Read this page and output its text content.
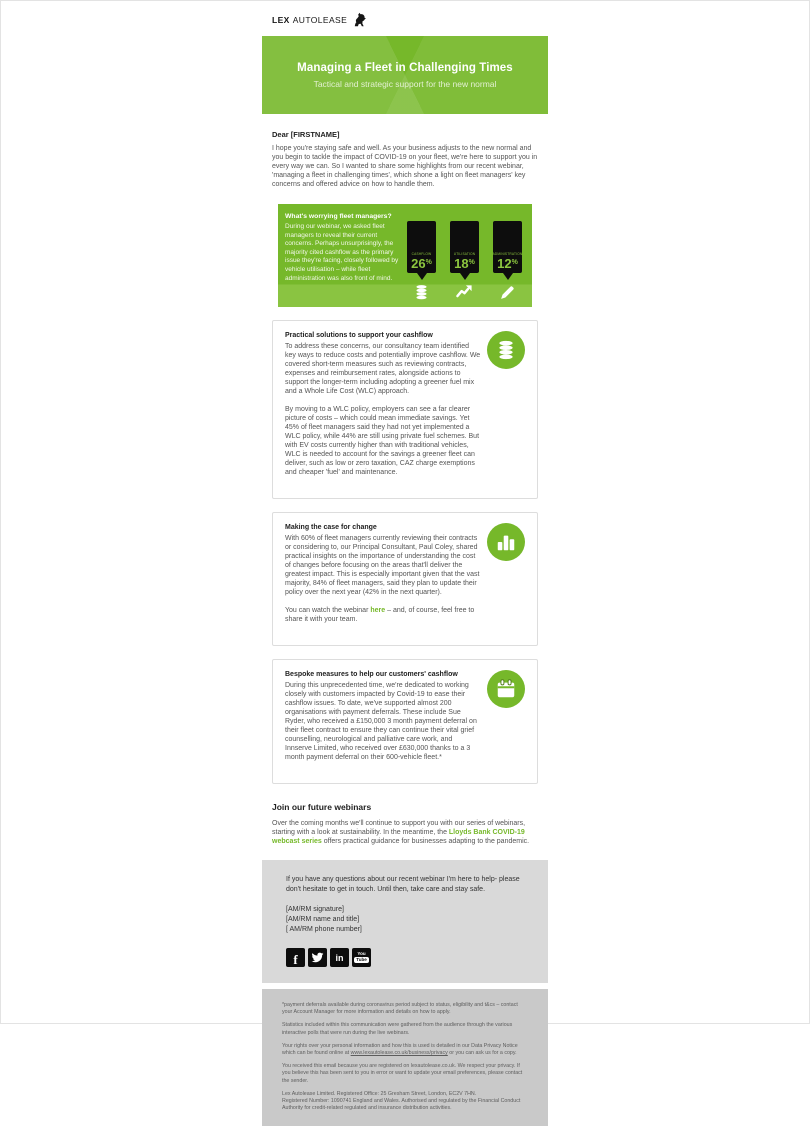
LEX AUTOLEASE
Managing a Fleet in Challenging Times
Tactical and strategic support for the new normal
Dear [FIRSTNAME]

I hope you're staying safe and well. As your business adjusts to the new normal and you begin to tackle the impact of COVID-19 on your fleet, we're here to support you in every way we can. So I wanted to share some highlights from our recent webinar, 'managing a fleet in challenging times', which shone a light on fleet managers' key concerns and offered advice on how to handle them.

What's worrying fleet managers?

During our webinar, we asked fleet managers to reveal their current concerns. Perhaps unsurprisingly, the majority cited cashflow as the primary issue they're facing, closely followed by vehicle utilisation – while fleet administration was also front of mind.

CASHFLOW
26%
UTILISATION
18%
ADMINISTRATION
12%
Practical solutions to support your cashflow

To address these concerns, our consultancy team identified key ways to reduce costs and potentially improve cashflow. We covered short-term measures such as reviewing contracts, expenses and reimbursement rates, alongside actions to support the longer-term including adopting a greener fuel mix and a Whole Life Cost (WLC) approach.

By moving to a WLC policy, employers can see a far clearer picture of costs – which could mean immediate savings. Yet 45% of fleet managers said they had not yet implemented a WLC policy, while 44% are still using private fuel schemes. But with EV costs currently higher than with traditional vehicles, WLC is needed to account for the savings a greener fleet can deliver, such as low or zero taxation, CAZ charge exemptions and cheaper 'fuel' and maintenance.

Making the case for change

With 60% of fleet managers currently reviewing their contracts or considering to, our Principal Consultant, Paul Coley, shared practical insights on the importance of understanding the cost of changes before focusing on the areas that'll deliver the greatest impact. This is especially important given that the vast majority, 84% of fleet managers, said they plan to update their policy over the next year (42% in the next quarter).

You can watch the webinar here – and, of course, feel free to share it with your team.

Bespoke measures to help our customers' cashflow

During this unprecedented time, we're dedicated to working closely with customers impacted by Covid-19 to ease their cashflow issues. To date, we've supported almost 200 organisations with payment deferrals. These include Sue Ryder, who received a £150,000 3 month payment deferral on their fleet contract to ensure they can continue their vital grief counselling, neurological and palliative care work, and Innserve Limited, who received over £630,000 thanks to a 3 month payment deferral on their 600-vehicle fleet.*

Join our future webinars

Over the coming months we'll continue to support you with our series of webinars, starting with a look at sustainability. In the meantime, the Lloyds Bank COVID-19 webcast series offers practical guidance for businesses adapting to the pandemic.

If you have any questions about our recent webinar I'm here to help- please don't hesitate to get in touch. Until then, take care and stay safe.

[AM/RM signature]

[AM/RM name and title]

[ AM/RM phone number]

f	in	You
Tube

*payment deferrals available during coronavirus period subject to status, eligibility and t&cs – contact your Account Manager for more information and details on how to apply.

Statistics included within this communication were gathered from the audience through the various interactive polls that were run during the live webinars.

Your rights over your personal information and how this is used is detailed in our Data Privacy Notice which can be found online at www.lexautolease.co.uk/business/privacy or you can ask us for a copy.

You received this email because you are registered on lexautolease.co.uk. We respect your privacy. If you believe this has been sent to you in error or want to update your email preferences, please contact the sender.

Lex Autolease Limited. Registered Office: 25 Gresham Street, London, EC2V 7HN.

Registered Number: 1090741 England and Wales. Authorised and regulated by the Financial Conduct Authority for credit-related regulated and insurance distribution activities.
